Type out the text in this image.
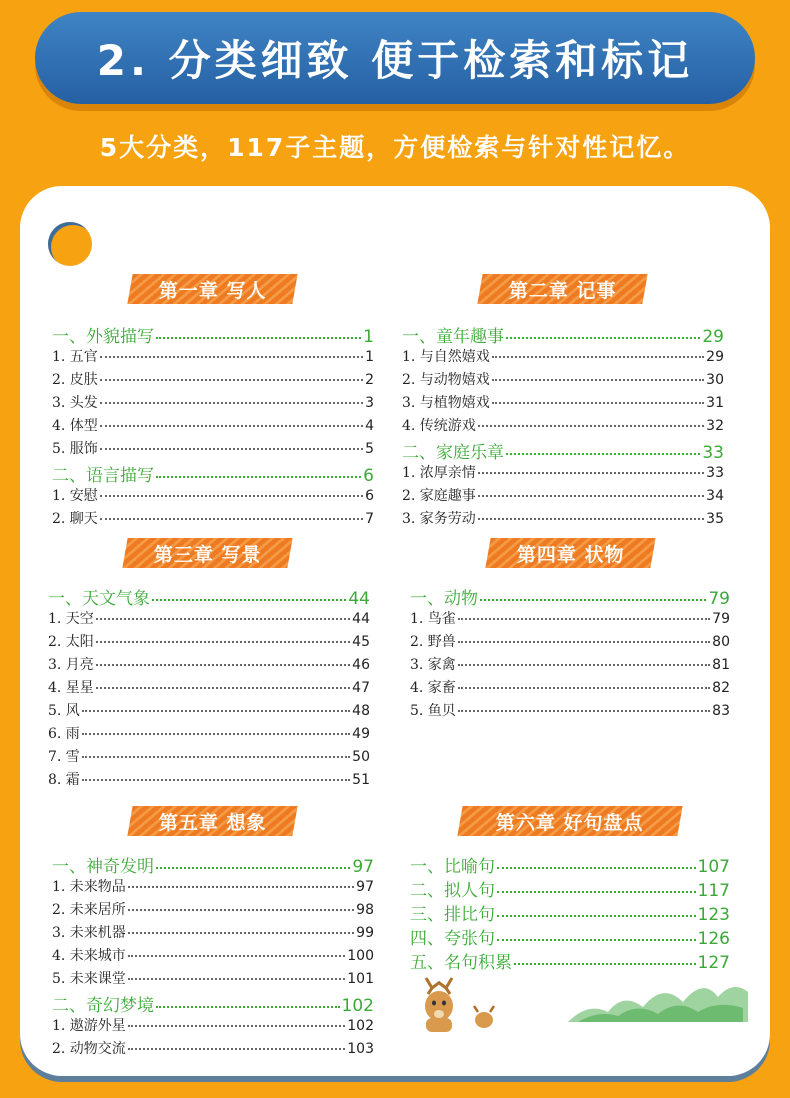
2. 分类细致 便于检索和标记
5大分类，117子主题，方便检索与针对性记忆。
第一章 写人
一、外貌描写	1
1. 五官	1
2. 皮肤	2
3. 头发	3
4. 体型	4
5. 服饰	5
二、语言描写	6
1. 安慰	6
2. 聊天	7
第二章 记事
一、童年趣事	29
1. 与自然嬉戏	29
2. 与动物嬉戏	30
3. 与植物嬉戏	31
4. 传统游戏	32
二、家庭乐章	33
1. 浓厚亲情	33
2. 家庭趣事	34
3. 家务劳动	35
第三章 写景
一、天文气象	44
1. 天空	44
2. 太阳	45
3. 月亮	46
4. 星星	47
5. 风	48
6. 雨	49
7. 雪	50
8. 霜	51
第四章 状物
一、动物	79
1. 鸟雀	79
2. 野兽	80
3. 家禽	81
4. 家畜	82
5. 鱼贝	83
第五章 想象
一、神奇发明	97
1. 未来物品	97
2. 未来居所	98
3. 未来机器	99
4. 未来城市	100
5. 未来课堂	101
二、奇幻梦境	102
1. 遨游外星	102
2. 动物交流	103
第六章 好句盘点
一、比喻句	107
二、拟人句	117
三、排比句	123
四、夸张句	126
五、名句积累	127
